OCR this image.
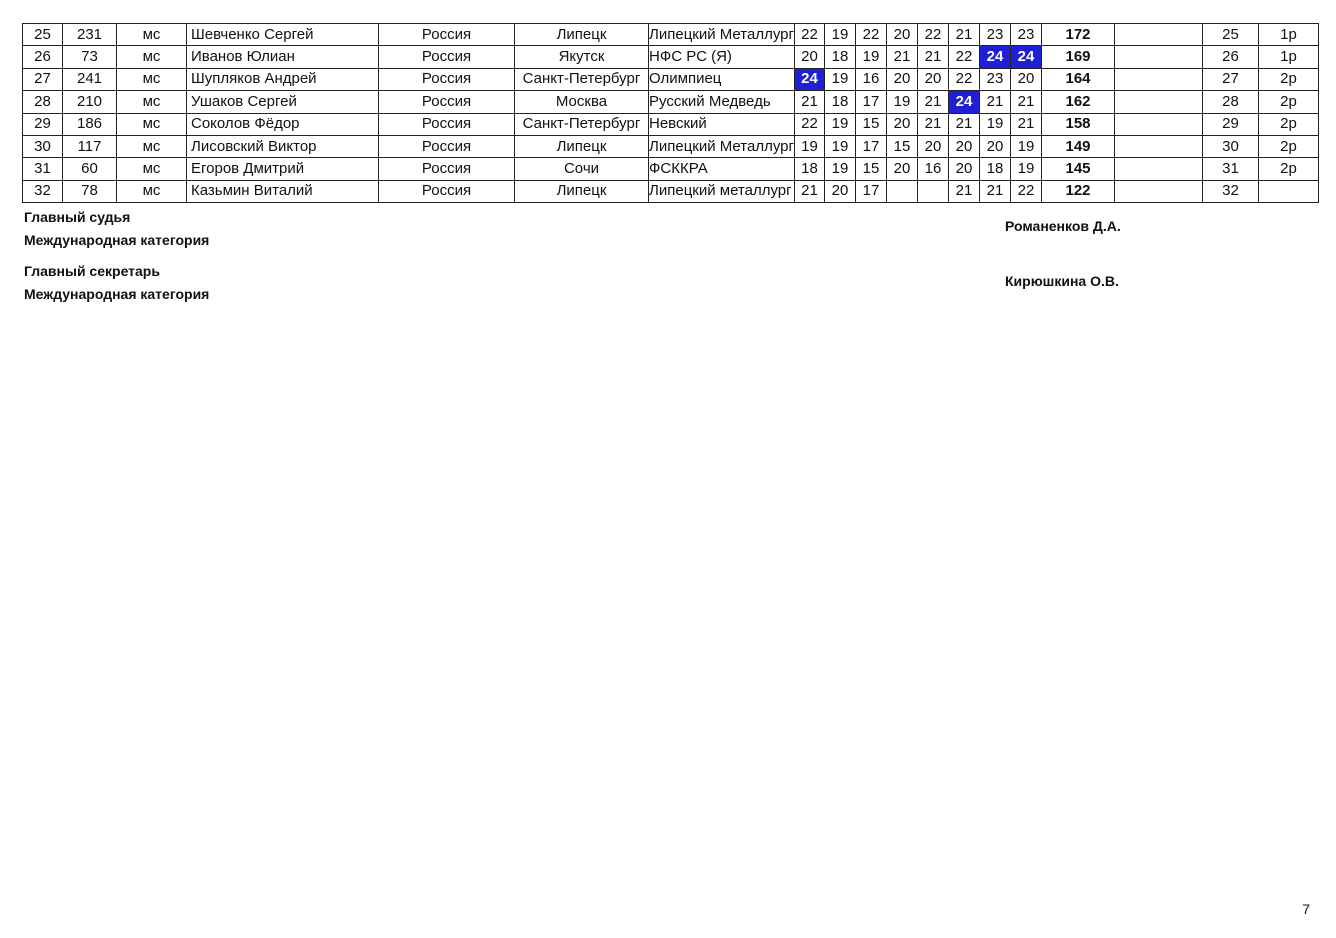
25	231	мс	Шевченко Сергей	Россия	Липецк	Липецкий Металлург	22	19	22	20	22	21	23	23	172		25	1р
26	73	мс	Иванов Юлиан	Россия	Якутск	НФС РС (Я)	20	18	19	21	21	22	24	24	169		26	1р
27	241	мс	Шупляков Андрей	Россия	Санкт-Петербург	Олимпиец	24	19	16	20	20	22	23	20	164		27	2р
28	210	мс	Ушаков Сергей	Россия	Москва	Русский Медведь	21	18	17	19	21	24	21	21	162		28	2р
29	186	мс	Соколов Фёдор	Россия	Санкт-Петербург	Невский	22	19	15	20	21	21	19	21	158		29	2р
30	117	мс	Лисовский Виктор	Россия	Липецк	Липецкий Металлург	19	19	17	15	20	20	20	19	149		30	2р
31	60	мс	Егоров Дмитрий	Россия	Сочи	ФСККРА	18	19	15	20	16	20	18	19	145		31	2р
32	78	мс	Казьмин Виталий	Россия	Липецк	Липецкий металлург	21	20	17			21	21	22	122		32	
Главный судья
Международная категория
Романенков Д.А.
Главный секретарь
Международная категория
Кирюшкина О.В.
7
